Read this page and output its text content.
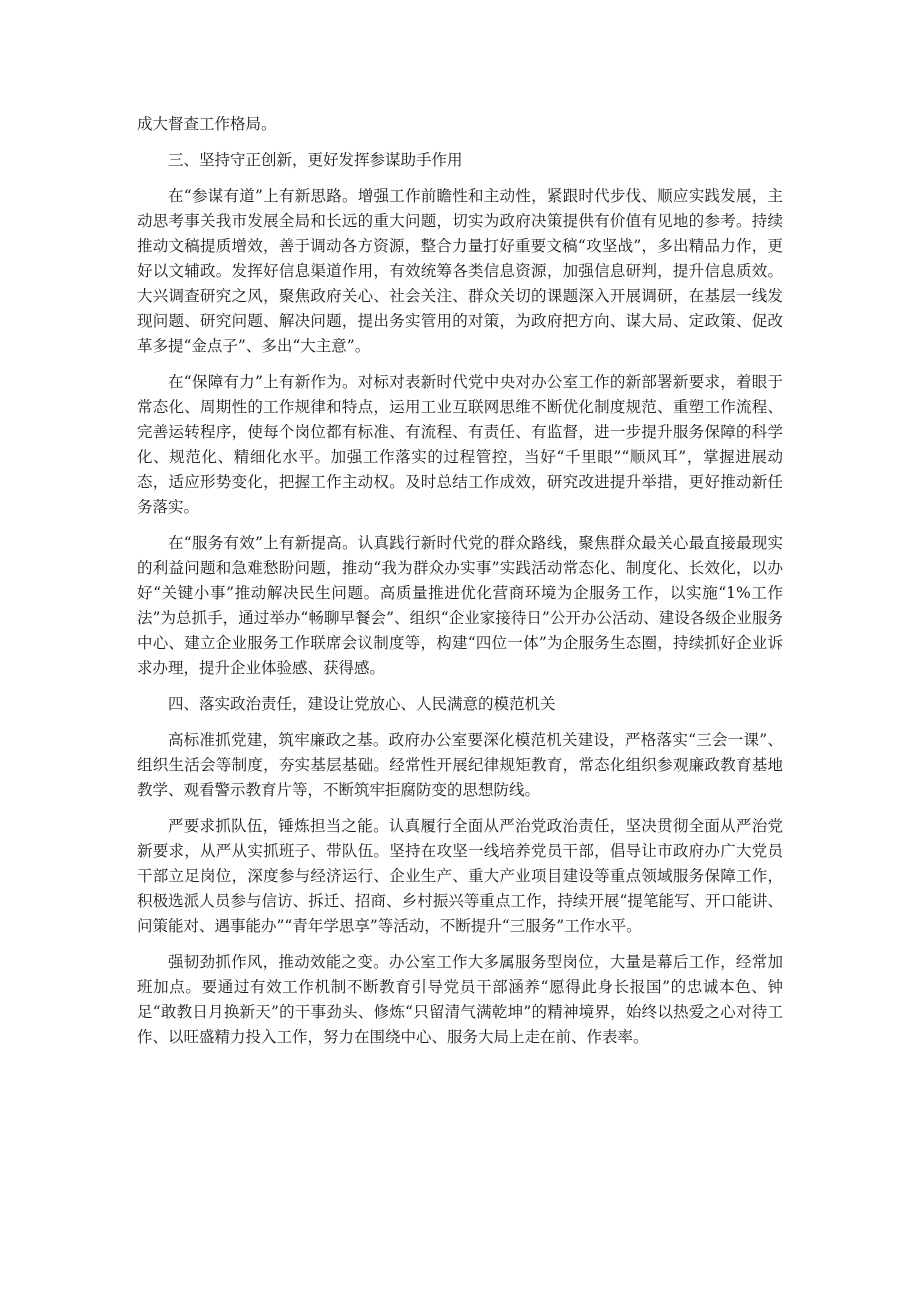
成大督查工作格局。

三、坚持守正创新，更好发挥参谋助手作用

在“参谋有道”上有新思路。增强工作前瞻性和主动性，紧跟时代步伐、顺应实践发展，主动思考事关我市发展全局和长远的重大问题，切实为政府决策提供有价值有见地的参考。持续推动文稿提质增效，善于调动各方资源，整合力量打好重要文稿“攻坚战”，多出精品力作，更好以文辅政。发挥好信息渠道作用，有效统筹各类信息资源，加强信息研判，提升信息质效。大兴调查研究之风，聚焦政府关心、社会关注、群众关切的课题深入开展调研，在基层一线发现问题、研究问题、解决问题，提出务实管用的对策，为政府把方向、谋大局、定政策、促改革多提“金点子”、多出“大主意”。

在“保障有力”上有新作为。对标对表新时代党中央对办公室工作的新部署新要求，着眼于常态化、周期性的工作规律和特点，运用工业互联网思维不断优化制度规范、重塑工作流程、完善运转程序，使每个岗位都有标准、有流程、有责任、有监督，进一步提升服务保障的科学化、规范化、精细化水平。加强工作落实的过程管控，当好“千里眼”“顺风耳”，掌握进展动态，适应形势变化，把握工作主动权。及时总结工作成效，研究改进提升举措，更好推动新任务落实。

在“服务有效”上有新提高。认真践行新时代党的群众路线，聚焦群众最关心最直接最现实的利益问题和急难愁盼问题，推动“我为群众办实事”实践活动常态化、制度化、长效化，以办好“关键小事”推动解决民生问题。高质量推进优化营商环境为企服务工作，以实施“1%工作法”为总抓手，通过举办“畅聊早餐会”、组织“企业家接待日”公开办公活动、建设各级企业服务中心、建立企业服务工作联席会议制度等，构建“四位一体”为企服务生态圈，持续抓好企业诉求办理，提升企业体验感、获得感。

四、落实政治责任，建设让党放心、人民满意的模范机关

高标准抓党建，筑牢廉政之基。政府办公室要深化模范机关建设，严格落实“三会一课”、组织生活会等制度，夯实基层基础。经常性开展纪律规矩教育，常态化组织参观廉政教育基地教学、观看警示教育片等，不断筑牢拒腐防变的思想防线。

严要求抓队伍，锤炼担当之能。认真履行全面从严治党政治责任，坚决贯彻全面从严治党新要求，从严从实抓班子、带队伍。坚持在攻坚一线培养党员干部，倡导让市政府办广大党员干部立足岗位，深度参与经济运行、企业生产、重大产业项目建设等重点领域服务保障工作，积极选派人员参与信访、拆迁、招商、乡村振兴等重点工作，持续开展“提笔能写、开口能讲、问策能对、遇事能办”“青年学思享”等活动，不断提升“三服务”工作水平。

强韧劲抓作风，推动效能之变。办公室工作大多属服务型岗位，大量是幕后工作，经常加班加点。要通过有效工作机制不断教育引导党员干部涵养“愿得此身长报国”的忠诚本色、钟足“敢教日月换新天”的干事劲头、修炼“只留清气满乾坤”的精神境界，始终以热爱之心对待工作、以旺盛精力投入工作，努力在围绕中心、服务大局上走在前、作表率。
